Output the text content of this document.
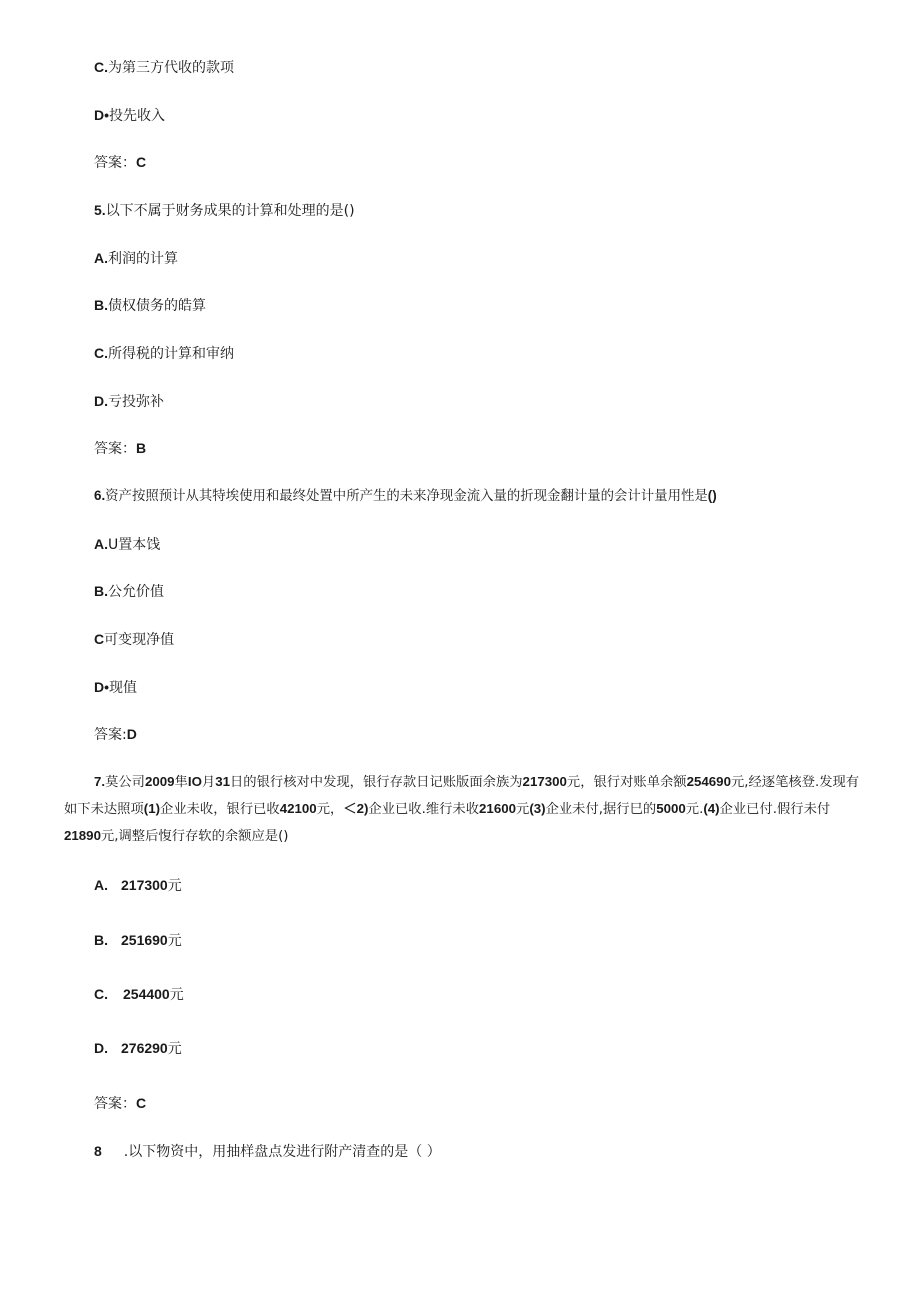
C.为第三方代收的款项
D•投先收入
答案：C
5.以下不属于财务成果的计算和处理的是()
A.利润的计算
B.债权债务的皓算
C.所得税的计算和审纳
D.亏投弥补
答案：B
6.资产按照预计从其特埃使用和最终处置中所产生的未来净现金流入量的折现金翻计量的会计计量用性是()
A.U置本饯
B.公允价值
C可变现净值
D•现值
答案:D
7.莫公司2009隼IO月31日的银行核对中发现，银行存款日记账版面余族为217300元，银行对账单余额254690元,经逐笔核登.发现有如下未达照项(1)企业未收，银行已收42100元，＜2)企业已收.维行未收21600元(3)企业未付,据行巳的5000元.(4)企业已付.假行未付21890元,调整后愎行存软的余额应是()
A. 217300元
B. 251690元
C. 254400元
D. 276290元
答案：C
8 .以下物资中，用抽样盘点发进行附产清查的是（ ）
